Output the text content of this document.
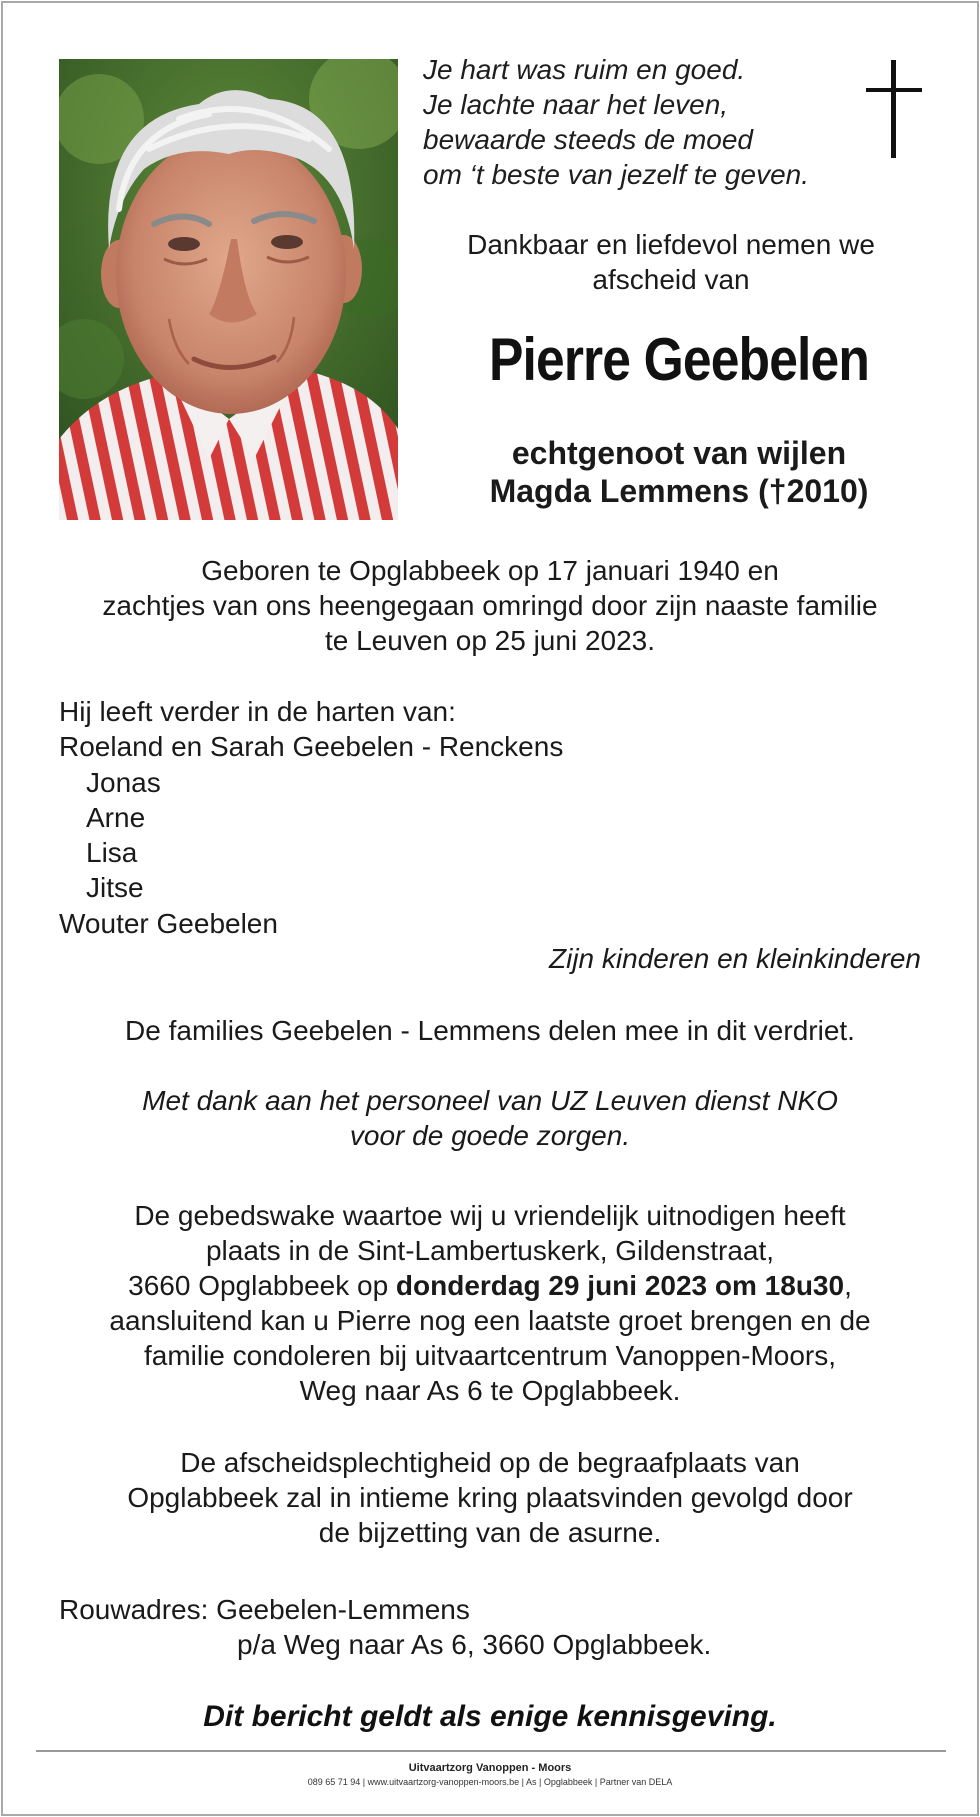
Je hart was ruim en goed.
Je lachte naar het leven,
bewaarde steeds de moed
om ‘t beste van jezelf te geven.
Dankbaar en liefdevol nemen we
afscheid van
Pierre Geebelen
echtgenoot van wijlen
Magda Lemmens (†2010)
Geboren te Opglabbeek op 17 januari 1940 en
zachtjes van ons heengegaan omringd door zijn naaste familie
te Leuven op 25 juni 2023.
Hij leeft verder in de harten van:
Roeland en Sarah Geebelen - Renckens
Jonas
Arne
Lisa
Jitse
Wouter Geebelen
Zijn kinderen en kleinkinderen
De families Geebelen - Lemmens delen mee in dit verdriet.
Met dank aan het personeel van UZ Leuven dienst NKO
voor de goede zorgen.
De gebedswake waartoe wij u vriendelijk uitnodigen heeft
plaats in de Sint-Lambertuskerk, Gildenstraat,
3660 Opglabbeek op donderdag 29 juni 2023 om 18u30,
aansluitend kan u Pierre nog een laatste groet brengen en de
familie condoleren bij uitvaartcentrum Vanoppen-Moors,
Weg naar As 6 te Opglabbeek.
De afscheidsplechtigheid op de begraafplaats van
Opglabbeek zal in intieme kring plaatsvinden gevolgd door
de bijzetting van de asurne.
Rouwadres: Geebelen-Lemmens
p/a Weg naar As 6, 3660 Opglabbeek.
Dit bericht geldt als enige kennisgeving.
Uitvaartzorg Vanoppen - Moors
089 65 71 94 | www.uitvaartzorg-vanoppen-moors.be | As | Opglabbeek | Partner van DELA
